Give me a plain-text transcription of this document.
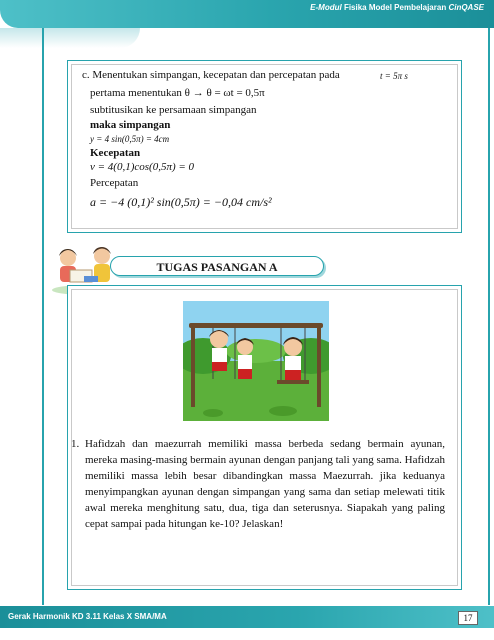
E-Modul Fisika Model Pembelajaran CinQASE
c. Menentukan simpangan, kecepatan dan percepatan pada	t = 5π s
pertama menentukan θ → θ = ωt = 0,5π
subtitusikan ke persamaan simpangan
maka simpangan
y = 4 sin(0,5π) = 4cm
Kecepatan
v = 4(0,1)cos(0,5π) = 0
Percepatan
a = −4 (0,1)² sin(0,5π) = −0,04 cm/s²
TUGAS PASANGAN A
1. Hafidzah dan maezurrah memiliki massa berbeda sedang bermain ayunan, mereka masing-masing bermain ayunan dengan panjang tali yang sama. Hafidzah memiliki massa lebih besar dibandingkan massa Maezurrah. jika keduanya menyimpangkan ayunan dengan simpangan yang sama dan setiap melewati titik awal mereka menghitung satu, dua, tiga dan seterusnya. Siapakah yang paling cepat sampai pada hitungan ke-10? Jelaskan!
Gerak Harmonik KD 3.11 Kelas X SMA/MA	17
